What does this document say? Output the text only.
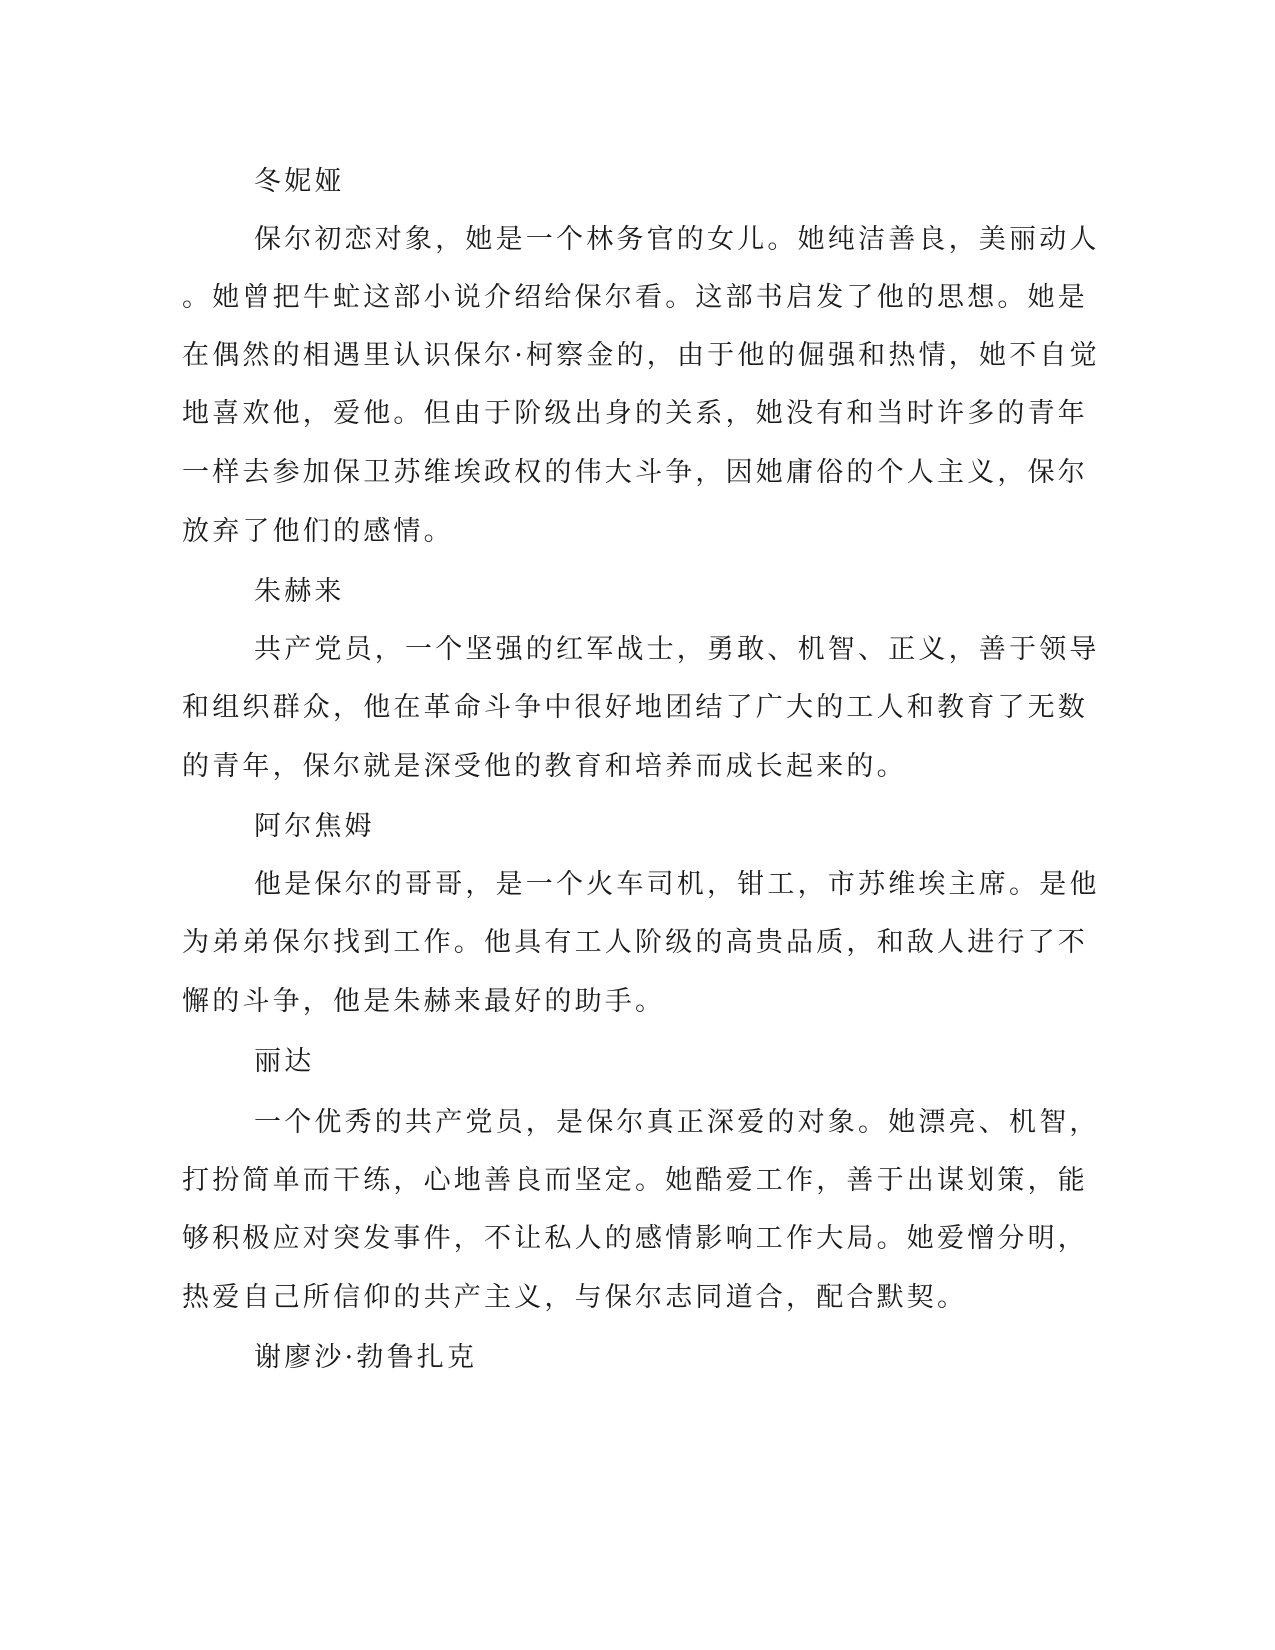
冬妮娅
保尔初恋对象，她是一个林务官的女儿。她纯洁善良，美丽动人
。她曾把牛虻这部小说介绍给保尔看。这部书启发了他的思想。她是
在偶然的相遇里认识保尔·柯察金的，由于他的倔强和热情，她不自觉
地喜欢他，爱他。但由于阶级出身的关系，她没有和当时许多的青年
一样去参加保卫苏维埃政权的伟大斗争，因她庸俗的个人主义，保尔
放弃了他们的感情。
朱赫来
共产党员，一个坚强的红军战士，勇敢、机智、正义，善于领导
和组织群众，他在革命斗争中很好地团结了广大的工人和教育了无数
的青年，保尔就是深受他的教育和培养而成长起来的。
阿尔焦姆
他是保尔的哥哥，是一个火车司机，钳工，市苏维埃主席。是他
为弟弟保尔找到工作。他具有工人阶级的高贵品质，和敌人进行了不
懈的斗争，他是朱赫来最好的助手。
丽达
一个优秀的共产党员，是保尔真正深爱的对象。她漂亮、机智，
打扮简单而干练，心地善良而坚定。她酷爱工作，善于出谋划策，能
够积极应对突发事件，不让私人的感情影响工作大局。她爱憎分明，
热爱自己所信仰的共产主义，与保尔志同道合，配合默契。
谢廖沙·勃鲁扎克
